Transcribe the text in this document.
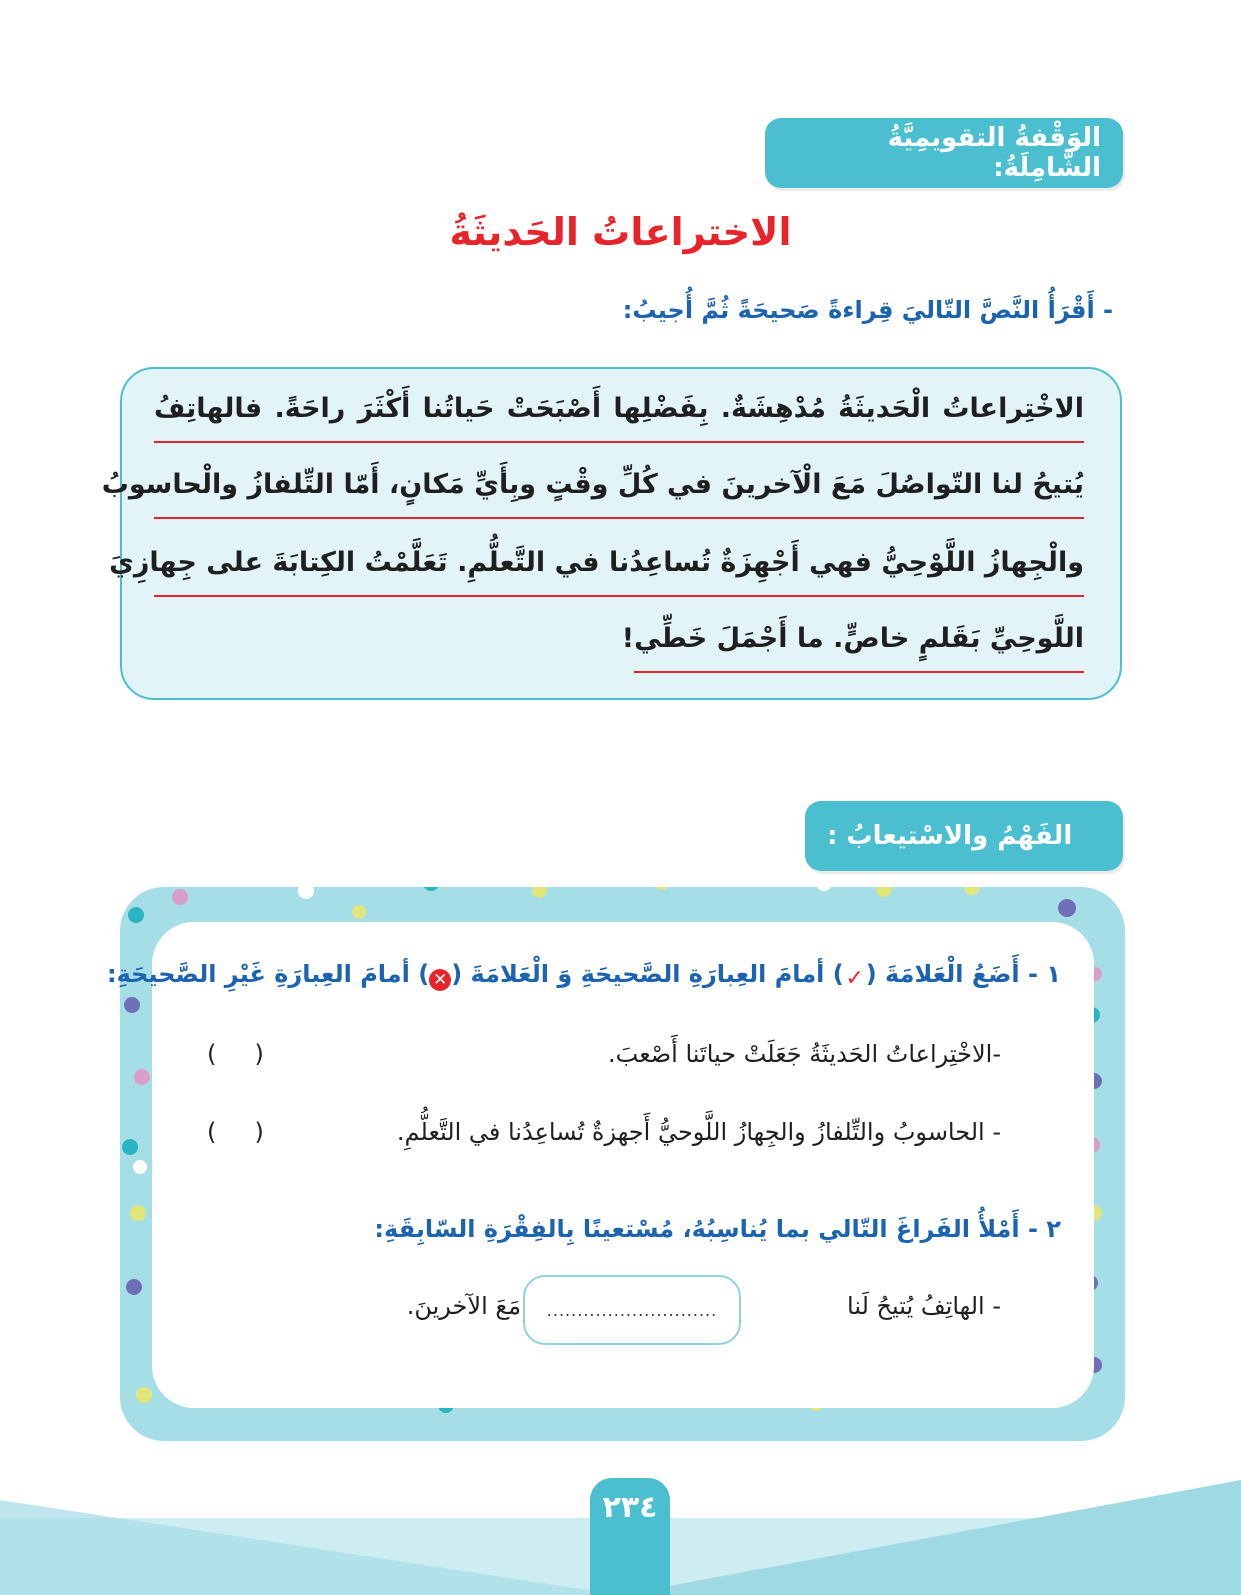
الوَقْفةُ التقويمِيَّةُ الشّامِلَةُ:
الاختراعاتُ الحَديثَةُ
- أَقْرَأُ النَّصَّ التّاليَ قِراءةً صَحيحَةً ثُمَّ أُجيبُ:
الاخْتِراعاتُ الْحَديثَةُ مُدْهِشَةٌ. بِفَضْلِها أَصْبَحَتْ حَياتُنا أَكْثَرَ راحَةً. فالهاتِفُ
يُتيحُ لنا التّواصُلَ مَعَ الْآخرينَ في كُلِّ وقْتٍ وبِأَيِّ مَكانٍ، أَمّا التِّلفازُ والْحاسوبُ
والْجِهازُ اللَّوْحِيُّ فهي أَجْهِزَةٌ تُساعِدُنا في التَّعلُّمِ. تَعَلَّمْتُ الكِتابَةَ على جِهازِيَ
اللَّوحِيِّ بَقَلمٍ خاصٍّ. ما أَجْمَلَ خَطِّي!
الفَهْمُ والاسْتيعابُ :
١ - أَضَعُ الْعَلامَةَ (✓) أمامَ العِبارَةِ الصَّحيحَةِ وَ الْعَلامَةَ (✕) أمامَ العِبارَةِ غَيْرِ الصَّحيحَةِ:
-الاخْتِراعاتُ الحَديثَةُ جَعَلَتْ حياتَنا أَصْعبَ.
(     )
- الحاسوبُ والتِّلفازُ والجِهازُ اللَّوحيُّ أَجهزةٌ تُساعِدُنا في التَّعلُّمِ.
(     )
٢ - أَمْلأُ الفَراغَ التّالي بما يُناسِبُهُ، مُسْتعينًا بِالفِقْرَةِ السّابِقَةِ:
- الهاتِفُ يُتيحُ لَنا
............................
مَعَ الآخرينَ.
٢٣٤
